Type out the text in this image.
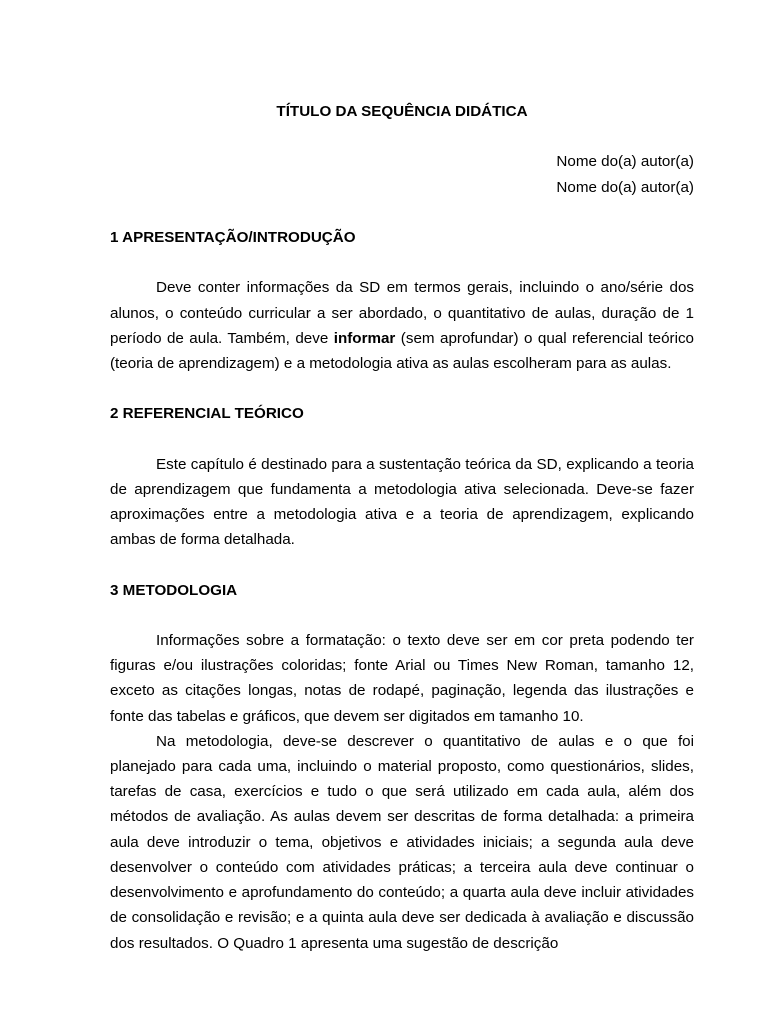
TÍTULO DA SEQUÊNCIA DIDÁTICA
Nome do(a) autor(a)
Nome do(a) autor(a)
1 APRESENTAÇÃO/INTRODUÇÃO

Deve conter informações da SD em termos gerais, incluindo o ano/série dos alunos, o conteúdo curricular a ser abordado, o quantitativo de aulas, duração de 1 período de aula. Também, deve informar (sem aprofundar) o qual referencial teórico (teoria de aprendizagem) e a metodologia ativa as aulas escolheram para as aulas.

2 REFERENCIAL TEÓRICO

Este capítulo é destinado para a sustentação teórica da SD, explicando a teoria de aprendizagem que fundamenta a metodologia ativa selecionada. Deve-se fazer aproximações entre a metodologia ativa e a teoria de aprendizagem, explicando ambas de forma detalhada.

3 METODOLOGIA

Informações sobre a formatação: o texto deve ser em cor preta podendo ter figuras e/ou ilustrações coloridas; fonte Arial ou Times New Roman, tamanho 12, exceto as citações longas, notas de rodapé, paginação, legenda das ilustrações e fonte das tabelas e gráficos, que devem ser digitados em tamanho 10.

Na metodologia, deve-se descrever o quantitativo de aulas e o que foi planejado para cada uma, incluindo o material proposto, como questionários, slides, tarefas de casa, exercícios e tudo o que será utilizado em cada aula, além dos métodos de avaliação. As aulas devem ser descritas de forma detalhada: a primeira aula deve introduzir o tema, objetivos e atividades iniciais; a segunda aula deve desenvolver o conteúdo com atividades práticas; a terceira aula deve continuar o desenvolvimento e aprofundamento do conteúdo; a quarta aula deve incluir atividades de consolidação e revisão; e a quinta aula deve ser dedicada à avaliação e discussão dos resultados. O Quadro 1 apresenta uma sugestão de descrição
